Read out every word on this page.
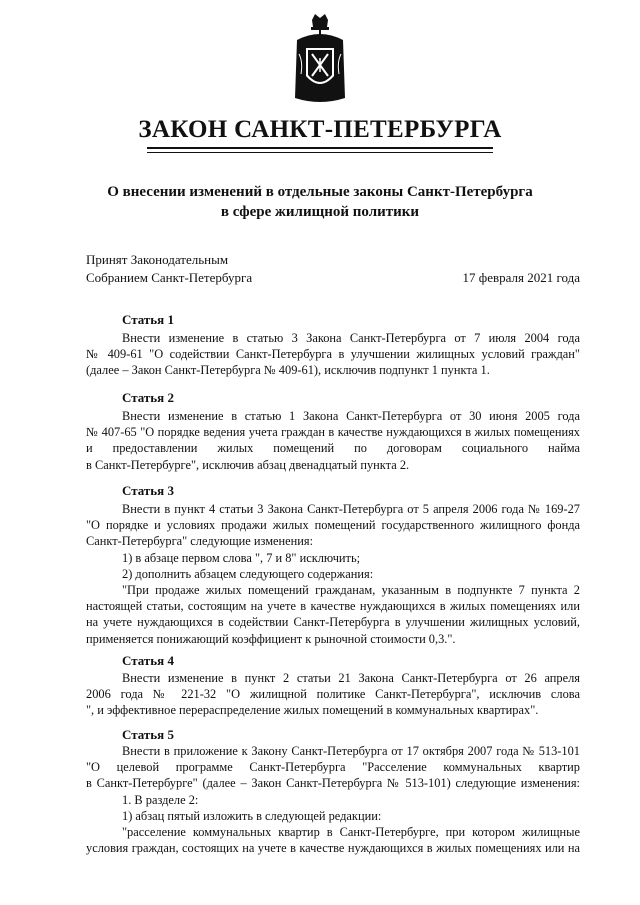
ЗАКОН САНКТ-ПЕТЕРБУРГА
О внесении изменений в отдельные законы Санкт-Петербурга
в сфере жилищной политики
Принят Законодательным
Собранием Санкт-Петербурга	17 февраля 2021 года
Статья 1
Внести изменение в статью 3 Закона Санкт-Петербурга от 7 июля 2004 года
№ 409-61 "О содействии Санкт-Петербурга в улучшении жилищных условий граждан"
(далее – Закон Санкт-Петербурга № 409-61), исключив подпункт 1 пункта 1.
Статья 2
Внести изменение в статью 1 Закона Санкт-Петербурга от 30 июня 2005 года
№ 407-65 "О порядке ведения учета граждан в качестве нуждающихся в жилых помещениях
и предоставлении жилых помещений по договорам социального найма
в Санкт-Петербурге", исключив абзац двенадцатый пункта 2.
Статья 3
Внести в пункт 4 статьи 3 Закона Санкт-Петербурга от 5 апреля 2006 года № 169-27
"О порядке и условиях продажи жилых помещений государственного жилищного фонда
Санкт-Петербурга" следующие изменения:
1) в абзаце первом слова ", 7 и 8" исключить;
2) дополнить абзацем следующего содержания:
"При продаже жилых помещений гражданам, указанным в подпункте 7 пункта 2
настоящей статьи, состоящим на учете в качестве нуждающихся в жилых помещениях или
на учете нуждающихся в содействии Санкт-Петербурга в улучшении жилищных условий,
применяется понижающий коэффициент к рыночной стоимости 0,3.".
Статья 4
Внести изменение в пункт 2 статьи 21 Закона Санкт-Петербурга от 26 апреля
2006 года № 221-32 "О жилищной политике Санкт-Петербурга", исключив слова
", и эффективное перераспределение жилых помещений в коммунальных квартирах".
Статья 5
Внести в приложение к Закону Санкт-Петербурга от 17 октября 2007 года № 513-101
"О целевой программе Санкт-Петербурга "Расселение коммунальных квартир
в Санкт-Петербурге" (далее – Закон Санкт-Петербурга № 513-101) следующие изменения:
1. В разделе 2:
1) абзац пятый изложить в следующей редакции:
"расселение коммунальных квартир в Санкт-Петербурге, при котором жилищные
условия граждан, состоящих на учете в качестве нуждающихся в жилых помещениях или на
